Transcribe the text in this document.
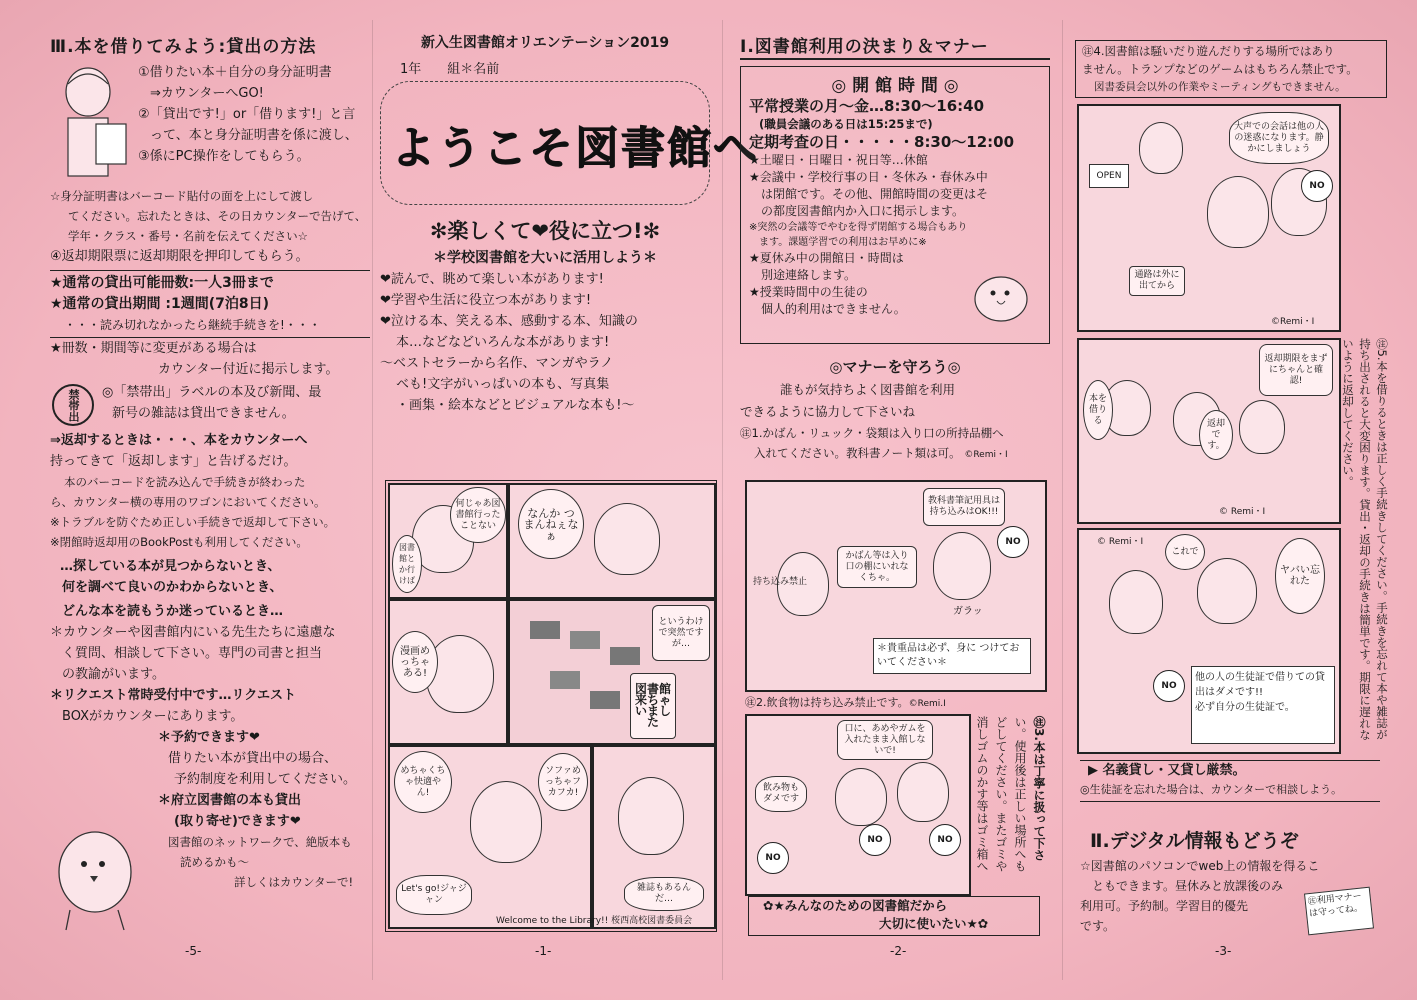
Ⅲ.本を借りてみよう:貸出の方法
①借りたい本＋自分の身分証明書
⇒カウンターへGO!
②「貸出です!」or「借ります!」と言
って、本と身分証明書を係に渡し、
③係にPC操作をしてもらう。
☆身分証明書はバーコード貼付の面を上にして渡し
てください。忘れたときは、その日カウンターで告げて、
学年・クラス・番号・名前を伝えてください☆
④返却期限票に返却期限を押印してもらう。
★通常の貸出可能冊数:一人3冊まで
★通常の貸出期間 :1週間(7泊8日)
・・・読み切れなかったら継続手続きを!・・・
★冊数・期間等に変更がある場合は
カウンター付近に掲示します。
禁帯出	◎「禁帯出」ラベルの本及び新聞、最
新号の雑誌は貸出できません。
⇒返却するときは・・・、本をカウンターへ
持ってきて「返却します」と告げるだけ。
本のバーコードを読み込んで手続きが終わった
ら、カウンター横の専用のワゴンにおいてください。
※トラブルを防ぐため正しい手続きで返却して下さい。
※閉館時返却用のBookPostも利用してください。
…探している本が見つからないとき、
何を調べて良いのかわからないとき、
どんな本を読もうか迷っているとき…
＊カウンターや図書館内にいる先生たちに遠慮な
く質問、相談して下さい。専門の司書と担当
の教諭がいます。
＊リクエスト常時受付中です…リクエスト
BOXがカウンターにあります。
＊予約できます❤
借りたい本が貸出中の場合、
予約制度を利用してください。
＊府立図書館の本も貸出
(取り寄せ)できます❤
図書館のネットワークで、絶版本も
読めるかも～
詳しくはカウンターで!
-5-
新入生図書館オリエンテーション2019
1年　　組＊名前
ようこそ図書館へ
✻楽しくて❤役に立つ!✻
＊学校図書館を大いに活用しよう＊
❤読んで、眺めて楽しい本があります!
❤学習や生活に役立つ本があります!
❤泣ける本、笑える本、感動する本、知識の
本…などなどいろんな本があります!
～ベストセラーから名作、マンガやラノ
ベも!文字がいっぱいの本も、写真集
・画集・絵本などとビジュアルな本も!～
何じゃあ図書館行ったことない
図書館とか行けば
なんか つまんねぇなぁ
漫画めっちゃある!
というわけで突然ですが…
図書館来ちゃいました
めちゃくちゃ快適やん!
ソファめっちゃフカフカ!
Let's go!ジャジャン
雑誌もあるんだ…
Welcome to the Library!! 桜西高校図書委員会
-1-
Ⅰ.図書館利用の決まり＆マナー
◎ 開 館 時 間 ◎
平常授業の月～金…8:30～16:40
(職員会議のある日は15:25まで)
定期考査の日・・・・・8:30～12:00
★土曜日・日曜日・祝日等…休館
★会議中・学校行事の日・冬休み・春休み中
は閉館です。その他、開館時間の変更はそ
の都度図書館内か入口に掲示します。
※突然の会議等でやむを得ず閉館する場合もあり
ます。課題学習での利用はお早めに※
★夏休み中の開館日・時間は
別途連絡します。
★授業時間中の生徒の
個人的利用はできません。
◎マナーを守ろう◎
誰もが気持ちよく図書館を利用
できるように協力して下さいね
㊟1.かばん・リュック・袋類は入り口の所持品棚へ
入れてください。教科書ノート類は可。 ©Remi・I
教科書筆記用具は持ち込みはOK!!!
かばん等は入り口の棚にいれなくちゃ。
NO
持ち込み禁止
ガラッ
＊貴重品は必ず、身に つけておいてください＊
㊟2.飲食物は持ち込み禁止です。©Remi.I
口に、あめやガムを入れたまま入館しないで!
飲み物もダメです
NO
NO	NO	㊟3.本は丁寧に扱って下さ
い。使用後は正しい場所へも
どしてください。またゴミや
消しゴムのかす等はゴミ箱へ
✿★みんなのための図書館だから
大切に使いたい★✿
-2-
㊟4.図書館は騒いだり遊んだりする場所ではあり
ません。トランプなどのゲームはもちろん禁止です。
図書委員会以外の作業やミーティングもできません。
OPEN
大声での会話は他の人の迷惑になります。静かにしましょう
通路は外に出てから
NO
©Remi・I
返却期限をまずにちゃんと確認!
本を借りる	返却です。
© Remi・I
ヤバい忘れた
これで
NO
他の人の生徒証で借りての貸出はダメです!!
必ず自分の生徒証で。
© Remi・I	㊟5.本を借りるときは正しく手続きしてください。手続きを忘れて本や雑誌が持ち出されると大変困ります。貸出・返却の手続きは簡単です。期限に遅れないように返却してください。
▶ 名義貸し・又貸し厳禁。
◎生徒証を忘れた場合は、カウンターで相談しよう。
Ⅱ.デジタル情報もどうぞ
☆図書館のパソコンでweb上の情報を得るこ
ともできます。昼休みと放課後のみ
利用可。予約制。学習目的優先
です。
㊟利用マナーは守ってね。
-3-
